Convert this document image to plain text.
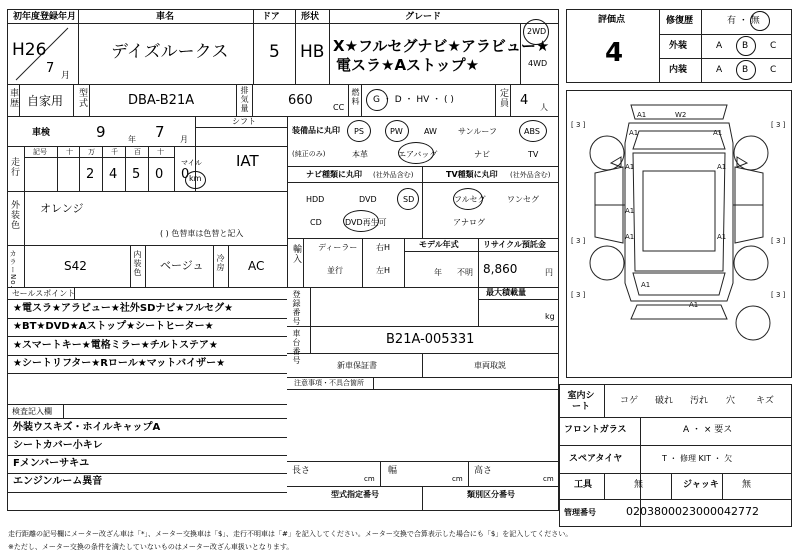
初年度登録年月	車名	ドア 形状	グレード
H26
7 月
デイズルークス 5 HB X★フルセグナビ★アラビュー★
電スラ★Aストップ★
2WD
4WD
車歴 自家用 型式	DBA-B21A	排気量	660	CC
燃料 G ・ D ・ HV ・ ( )	定員 4 人
車検	9	年 7 月
シフト
IAT
走行
記号	十 万 千 百 十
2 4 5 0 0
マイル
km
装備品に丸印
(純正のみ)
PS	PW	AW	サンルーフ	ABS
本革	エアバッグ	ナビ	TV
ナビ種類に丸印 (社外品含む)	TV種類に丸印 (社外品含む)
HDD	DVD	SD
CD	DVD再生可
フルセグ	ワンセグ
アナログ
外装色 オレンジ
( ) 色替車は色替と記入
カラーNo.	S42	内装色 ベージュ 冷房 AC
輸入 ディーラー
並行
右H
左H
モデル年式
年 不明
リサイクル預託金
8,860	円
セールスポイント
★電スラ★アラビュー★社外SDナビ★フルセグ★
★BT★DVD★Aストップ★シートヒーター★
★スマートキー★電格ミラー★チルトステア★
★シートリフター★Rロール★マットバイザー★
登録番号	最大積載量
kg
車台番号	B21A-005331
新車保証書	車両取説
注意事項・不具合箇所
検査記入欄
外装ウスキズ・ホイルキャップA
シートカバー小キレ
Fメンバーサキユ
エンジンルーム異音
長さ
cm
幅
cm
高さ
cm
型式指定番号	類別区分番号
評価点
4
修復歴	有 ・ 無
外装
内装
A B C
A B C
A1	W2
A1	A1
A1	A1
A1
A1
A1
A1
A1
[ 3 ]	[ 3 ]
[ 3 ]	[ 3 ]
[ 3 ]	[ 3 ]
室内シート
コゲ 破れ 汚れ 穴 キズ
フロントガラス	A ・ × 要ス
スペアタイヤ	T ・ 修理 KIT ・ 欠
工具	無	ジャッキ	無
管理番号	0203800023000042772
走行距離の記号欄にメーター改ざん車は「*」、メーター交換車は「$」、走行不明車は「#」を記入してください。メーター交換で合算表示した場合にも「$」を記入してください。
※ただし、メーター交換の条件を満たしていないものはメーター改ざん車扱いとなります。
